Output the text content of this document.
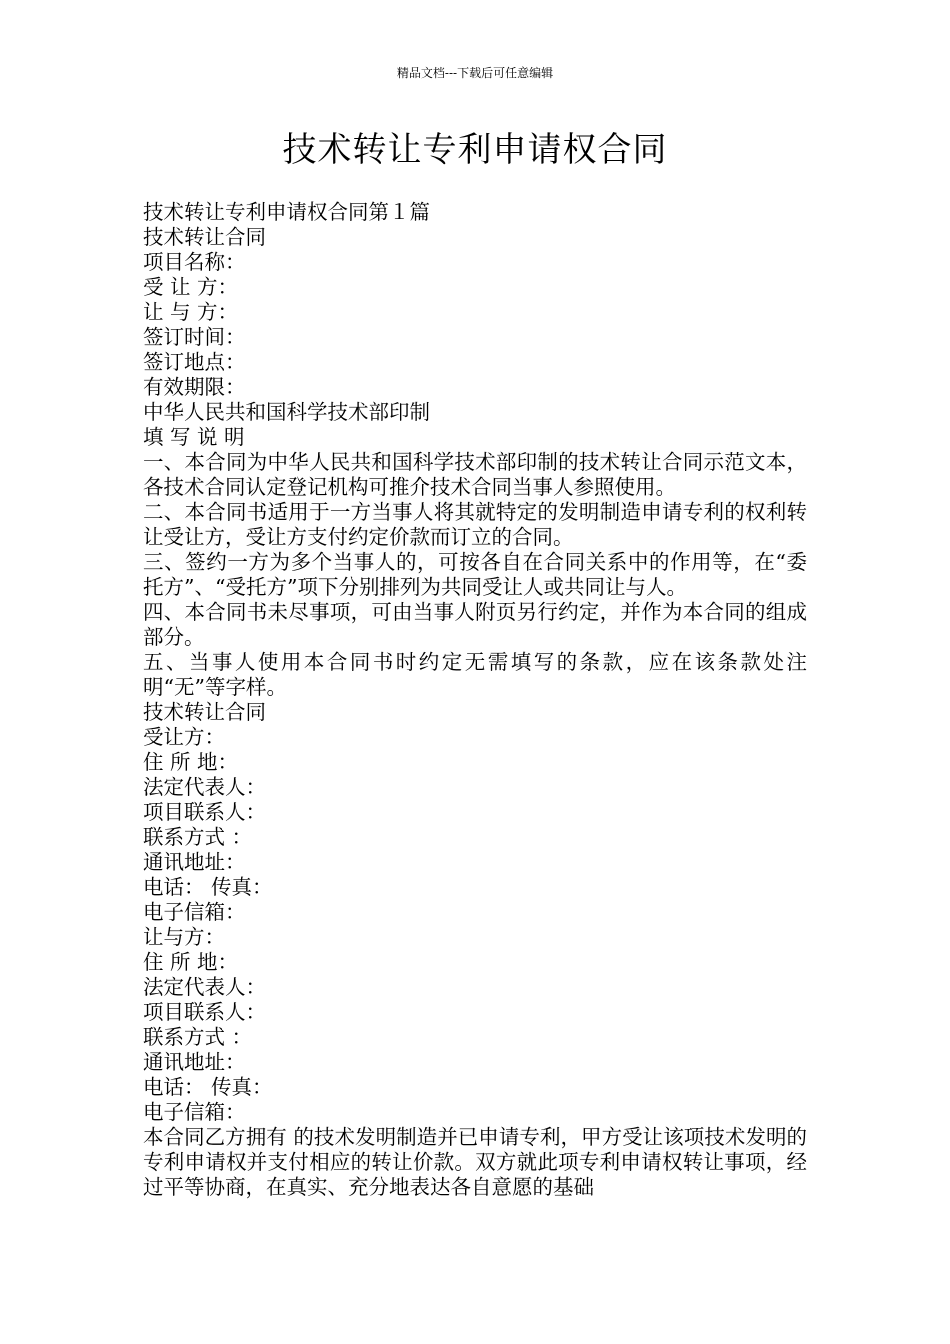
精品文档---下载后可任意编辑
技术转让专利申请权合同
技术转让专利申请权合同第１篇
技术转让合同
项目名称：
受 让 方：
让 与 方：
签订时间：
签订地点：
有效期限：
中华人民共和国科学技术部印制
填 写 说 明

一、本合同为中华人民共和国科学技术部印制的技术转让合同示范文本，各技术合同认定登记机构可推介技术合同当事人参照使用。

二、本合同书适用于一方当事人将其就特定的发明制造申请专利的权利转让受让方，受让方支付约定价款而订立的合同。

三、签约一方为多个当事人的，可按各自在合同关系中的作用等，在“委托方”、“受托方”项下分别排列为共同受让人或共同让与人。

四、本合同书未尽事项，可由当事人附页另行约定，并作为本合同的组成部分。

五、当事人使用本合同书时约定无需填写的条款，应在该条款处注明“无”等字样。

技术转让合同
受让方：
住 所 地：
法定代表人：
项目联系人：
联系方式 ：
通讯地址：
电话： 传真：
电子信箱：
让与方：
住 所 地：
法定代表人：
项目联系人：
联系方式 ：
通讯地址：
电话： 传真：
电子信箱：

本合同乙方拥有 的技术发明制造并已申请专利，甲方受让该项技术发明的专利申请权并支付相应的转让价款。双方就此项专利申请权转让事项，经过平等协商，在真实、充分地表达各自意愿的基础
